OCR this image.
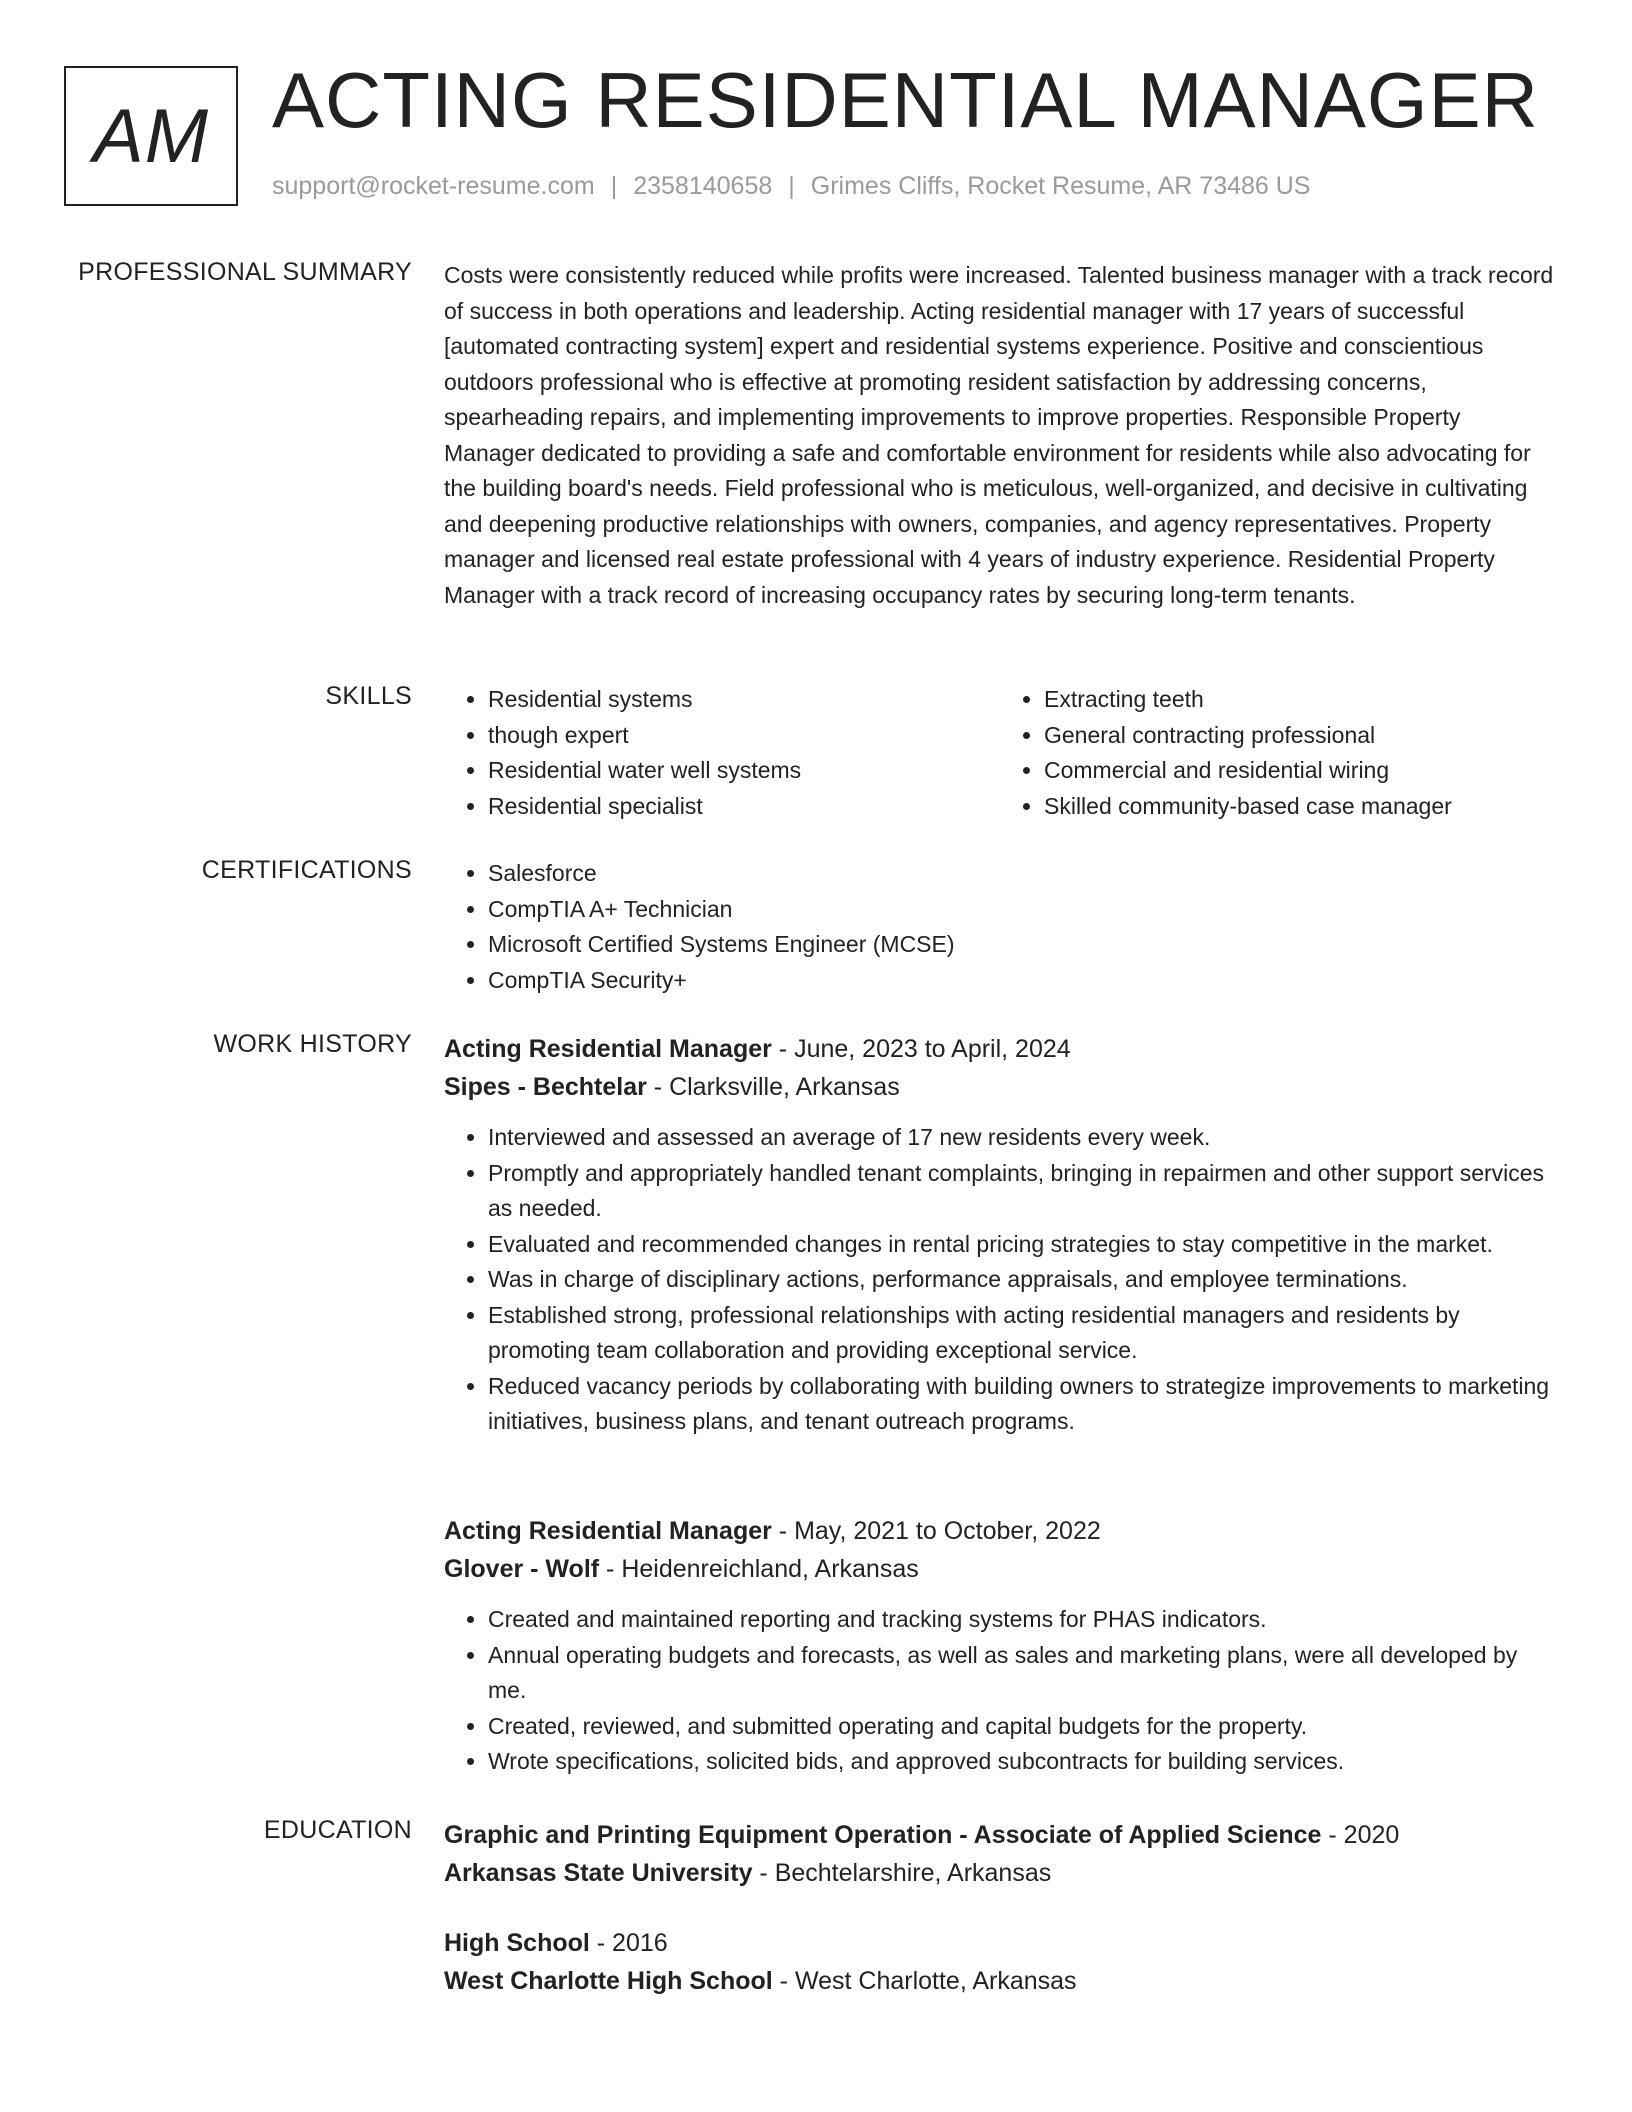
AM ACTING RESIDENTIAL MANAGER
support@rocket-resume.com | 2358140658 | Grimes Cliffs, Rocket Resume, AR 73486 US
PROFESSIONAL SUMMARY Costs were consistently reduced while profits were increased. Talented business manager with a track record of success in both operations and leadership. Acting residential manager with 17 years of successful [automated contracting system] expert and residential systems experience. Positive and conscientious outdoors professional who is effective at promoting resident satisfaction by addressing concerns, spearheading repairs, and implementing improvements to improve properties. Responsible Property Manager dedicated to providing a safe and comfortable environment for residents while also advocating for the building board's needs. Field professional who is meticulous, well-organized, and decisive in cultivating and deepening productive relationships with owners, companies, and agency representatives. Property manager and licensed real estate professional with 4 years of industry experience. Residential Property Manager with a track record of increasing occupancy rates by securing long-term tenants.
SKILLS	• Residential systems
• though expert
• Residential water well systems
• Residential specialist
• Extracting teeth
• General contracting professional
• Commercial and residential wiring
• Skilled community-based case manager
CERTIFICATIONS	• Salesforce
• CompTIA A+ Technician
• Microsoft Certified Systems Engineer (MCSE)
• CompTIA Security+
WORK HISTORY Acting Residential Manager - June, 2023 to April, 2024
Sipes - Bechtelar - Clarksville, Arkansas
• Interviewed and assessed an average of 17 new residents every week.
• Promptly and appropriately handled tenant complaints, bringing in repairmen and other support services as needed.
• Evaluated and recommended changes in rental pricing strategies to stay competitive in the market.
• Was in charge of disciplinary actions, performance appraisals, and employee terminations.
• Established strong, professional relationships with acting residential managers and residents by promoting team collaboration and providing exceptional service.
• Reduced vacancy periods by collaborating with building owners to strategize improvements to marketing initiatives, business plans, and tenant outreach programs.
Acting Residential Manager - May, 2021 to October, 2022
Glover - Wolf - Heidenreichland, Arkansas
• Created and maintained reporting and tracking systems for PHAS indicators.
• Annual operating budgets and forecasts, as well as sales and marketing plans, were all developed by me.
• Created, reviewed, and submitted operating and capital budgets for the property.
• Wrote specifications, solicited bids, and approved subcontracts for building services.
EDUCATION Graphic and Printing Equipment Operation - Associate of Applied Science - 2020
Arkansas State University - Bechtelarshire, Arkansas
High School - 2016
West Charlotte High School - West Charlotte, Arkansas
